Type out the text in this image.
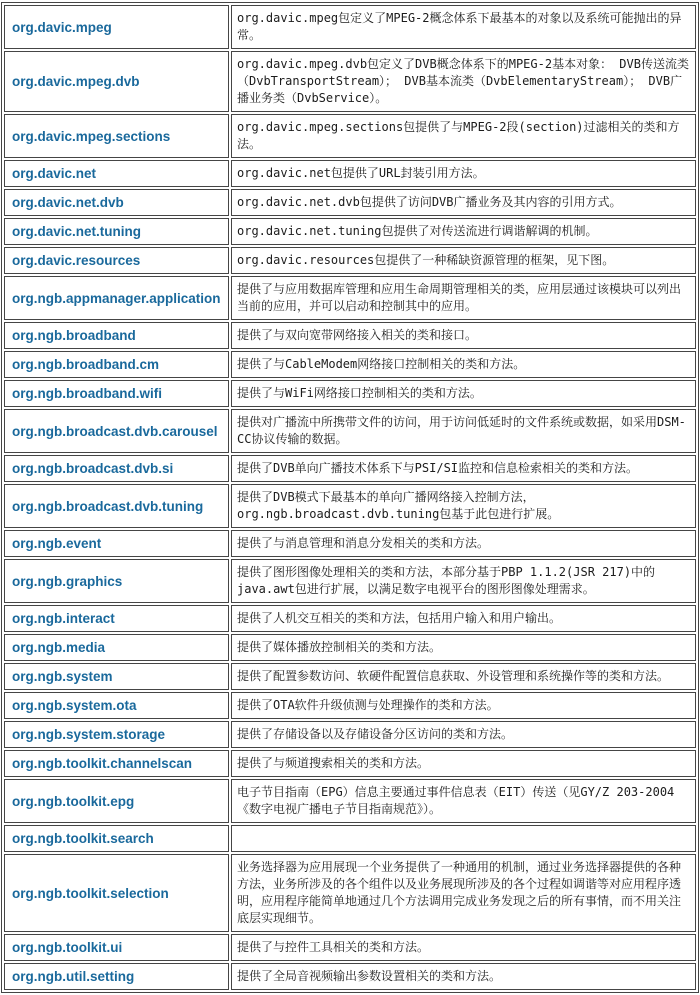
org.davic.mpeg	org.davic.mpeg包定义了MPEG-2概念体系下最基本的对象以及系统可能抛出的异常。
org.davic.mpeg.dvb	org.davic.mpeg.dvb包定义了DVB概念体系下的MPEG-2基本对象： DVB传送流类（DvbTransportStream）； DVB基本流类（DvbElementaryStream）； DVB广播业务类（DvbService）。
org.davic.mpeg.sections	org.davic.mpeg.sections包提供了与MPEG-2段(section)过滤相关的类和方法。
org.davic.net	org.davic.net包提供了URL封装引用方法。
org.davic.net.dvb	org.davic.net.dvb包提供了访问DVB广播业务及其内容的引用方式。
org.davic.net.tuning	org.davic.net.tuning包提供了对传送流进行调谐解调的机制。
org.davic.resources	org.davic.resources包提供了一种稀缺资源管理的框架，见下图。
org.ngb.appmanager.application	提供了与应用数据库管理和应用生命周期管理相关的类，应用层通过该模块可以列出当前的应用，并可以启动和控制其中的应用。
org.ngb.broadband	提供了与双向宽带网络接入相关的类和接口。
org.ngb.broadband.cm	提供了与CableModem网络接口控制相关的类和方法。
org.ngb.broadband.wifi	提供了与WiFi网络接口控制相关的类和方法。
org.ngb.broadcast.dvb.carousel	提供对广播流中所携带文件的访问，用于访问低延时的文件系统或数据，如采用DSM-CC协议传输的数据。
org.ngb.broadcast.dvb.si	提供了DVB单向广播技术体系下与PSI/SI监控和信息检索相关的类和方法。
org.ngb.broadcast.dvb.tuning	提供了DVB模式下最基本的单向广播网络接入控制方法，org.ngb.broadcast.dvb.tuning包基于此包进行扩展。
org.ngb.event	提供了与消息管理和消息分发相关的类和方法。
org.ngb.graphics	提供了图形图像处理相关的类和方法，本部分基于PBP 1.1.2(JSR 217)中的java.awt包进行扩展，以满足数字电视平台的图形图像处理需求。
org.ngb.interact	提供了人机交互相关的类和方法，包括用户输入和用户输出。
org.ngb.media	提供了媒体播放控制相关的类和方法。
org.ngb.system	提供了配置参数访问、软硬件配置信息获取、外设管理和系统操作等的类和方法。
org.ngb.system.ota	提供了OTA软件升级侦测与处理操作的类和方法。
org.ngb.system.storage	提供了存储设备以及存储设备分区访问的类和方法。
org.ngb.toolkit.channelscan	提供了与频道搜索相关的类和方法。
org.ngb.toolkit.epg	电子节目指南（EPG）信息主要通过事件信息表（EIT）传送（见GY/Z 203-2004《数字电视广播电子节目指南规范》）。
org.ngb.toolkit.search	
org.ngb.toolkit.selection	业务选择器为应用展现一个业务提供了一种通用的机制，通过业务选择器提供的各种方法，业务所涉及的各个组件以及业务展现所涉及的各个过程如调谐等对应用程序透明，应用程序能简单地通过几个方法调用完成业务发现之后的所有事情，而不用关注底层实现细节。
org.ngb.toolkit.ui	提供了与控件工具相关的类和方法。
org.ngb.util.setting	提供了全局音视频输出参数设置相关的类和方法。
